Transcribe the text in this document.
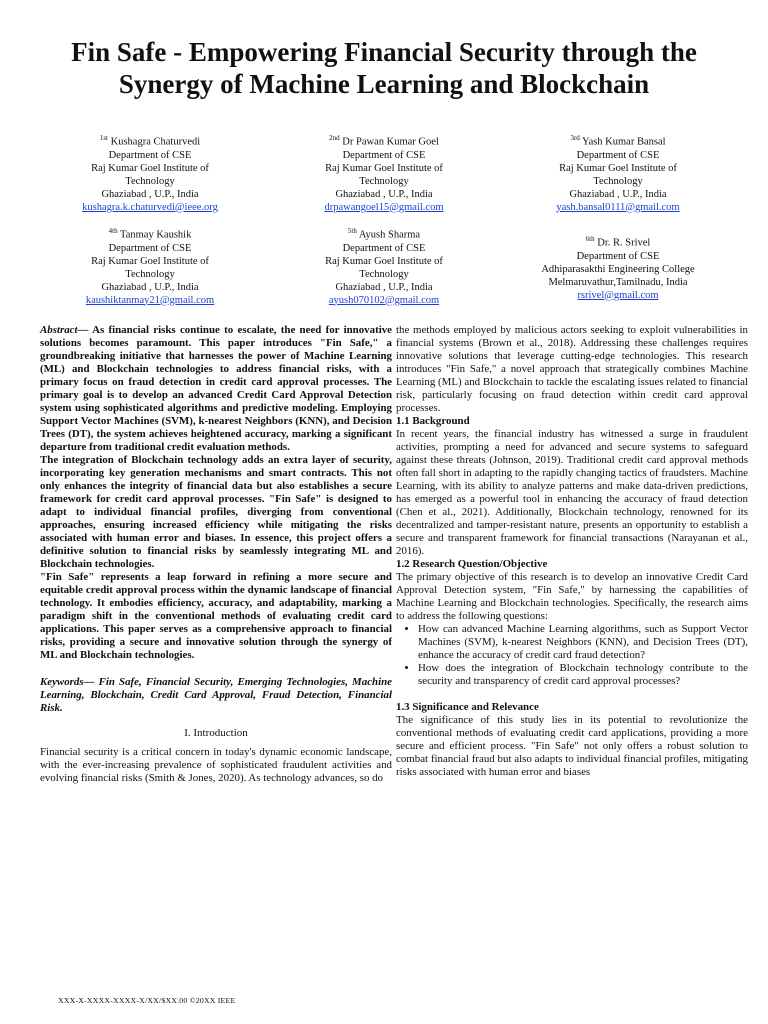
Fin Safe - Empowering Financial Security through the Synergy of Machine Learning and Blockchain
$^{1st}$ Kushagra Chaturvedi
Department of CSE
Raj Kumar Goel Institute of
Technology
Ghaziabad , U.P., India
kushagra.k.chaturvedi@ieee.org
$^{2nd}$ Dr Pawan Kumar Goel
Department of CSE
Raj Kumar Goel Institute of
Technology
Ghaziabad , U.P., India
drpawangoel15@gmail.com
$^{3rd}$ Yash Kumar Bansal
Department of CSE
Raj Kumar Goel Institute of
Technology
Ghaziabad , U.P., India
yash.bansal0111@gmail.com
$^{4th}$ Tanmay Kaushik
Department of CSE
Raj Kumar Goel Institute of
Technology
Ghaziabad , U.P., India
kaushiktanmay21@gmail.com
$^{5th}$ Ayush Sharma
Department of CSE
Raj Kumar Goel Institute of
Technology
Ghaziabad , U.P., India
ayush070102@gmail.com
$^{6th}$ Dr. R. Srivel
Department of CSE
Adhiparasakthi Engineering College
Melmaruvathur,Tamilnadu, India
rsrivel@gmail.com

Abstract— As financial risks continue to escalate, the need for innovative solutions becomes paramount. This paper introduces "Fin Safe," a groundbreaking initiative that harnesses the power of Machine Learning (ML) and Blockchain technologies to address financial risks, with a primary focus on fraud detection in credit card approval processes. The primary goal is to develop an advanced Credit Card Approval Detection system using sophisticated algorithms and predictive modeling. Employing Support Vector Machines (SVM), k-nearest Neighbors (KNN), and Decision Trees (DT), the system achieves heightened accuracy, marking a significant departure from traditional credit evaluation methods.

The integration of Blockchain technology adds an extra layer of security, incorporating key generation mechanisms and smart contracts. This not only enhances the integrity of financial data but also establishes a secure framework for credit card approval processes. "Fin Safe" is designed to adapt to individual financial profiles, diverging from conventional approaches, ensuring increased efficiency while mitigating the risks associated with human error and biases. In essence, this project offers a definitive solution to financial risks by seamlessly integrating ML and Blockchain technologies.

"Fin Safe" represents a leap forward in refining a more secure and equitable credit approval process within the dynamic landscape of financial technology. It embodies efficiency, accuracy, and adaptability, marking a paradigm shift in the conventional methods of evaluating credit card applications. This paper serves as a comprehensive approach to financial risks, providing a secure and innovative solution through the synergy of ML and Blockchain technologies.

Keywords— Fin Safe, Financial Security, Emerging Technologies, Machine Learning, Blockchain, Credit Card Approval, Fraud Detection, Financial Risk.

I. Introduction

Financial security is a critical concern in today's dynamic economic landscape, with the ever-increasing prevalence of sophisticated fraudulent activities and evolving financial risks (Smith & Jones, 2020). As technology advances, so do

the methods employed by malicious actors seeking to exploit vulnerabilities in financial systems (Brown et al., 2018). Addressing these challenges requires innovative solutions that leverage cutting-edge technologies. This research introduces "Fin Safe," a novel approach that strategically combines Machine Learning (ML) and Blockchain to tackle the escalating issues related to financial risk, particularly focusing on fraud detection within credit card approval processes.

1.1 Background

In recent years, the financial industry has witnessed a surge in fraudulent activities, prompting a need for advanced and secure systems to safeguard against these threats (Johnson, 2019). Traditional credit card approval methods often fall short in adapting to the rapidly changing tactics of fraudsters. Machine Learning, with its ability to analyze patterns and make data-driven predictions, has emerged as a powerful tool in enhancing the accuracy of fraud detection (Chen et al., 2021). Additionally, Blockchain technology, renowned for its decentralized and tamper-resistant nature, presents an opportunity to establish a secure and transparent framework for financial transactions (Narayanan et al., 2016).

1.2 Research Question/Objective

The primary objective of this research is to develop an innovative Credit Card Approval Detection system, "Fin Safe," by harnessing the capabilities of Machine Learning and Blockchain technologies. Specifically, the research aims to address the following questions:

• How can advanced Machine Learning algorithms, such as Support Vector Machines (SVM), k-nearest Neighbors (KNN), and Decision Trees (DT), enhance the accuracy of credit card fraud detection?
• How does the integration of Blockchain technology contribute to the security and transparency of credit card approval processes?

1.3 Significance and Relevance

The significance of this study lies in its potential to revolutionize the conventional methods of evaluating credit card applications, providing a more secure and efficient process. "Fin Safe" not only offers a robust solution to combat financial fraud but also adapts to individual financial profiles, mitigating risks associated with human error and biases

XXX-X-XXXX-XXXX-X/XX/$XX.00 ©20XX IEEE
